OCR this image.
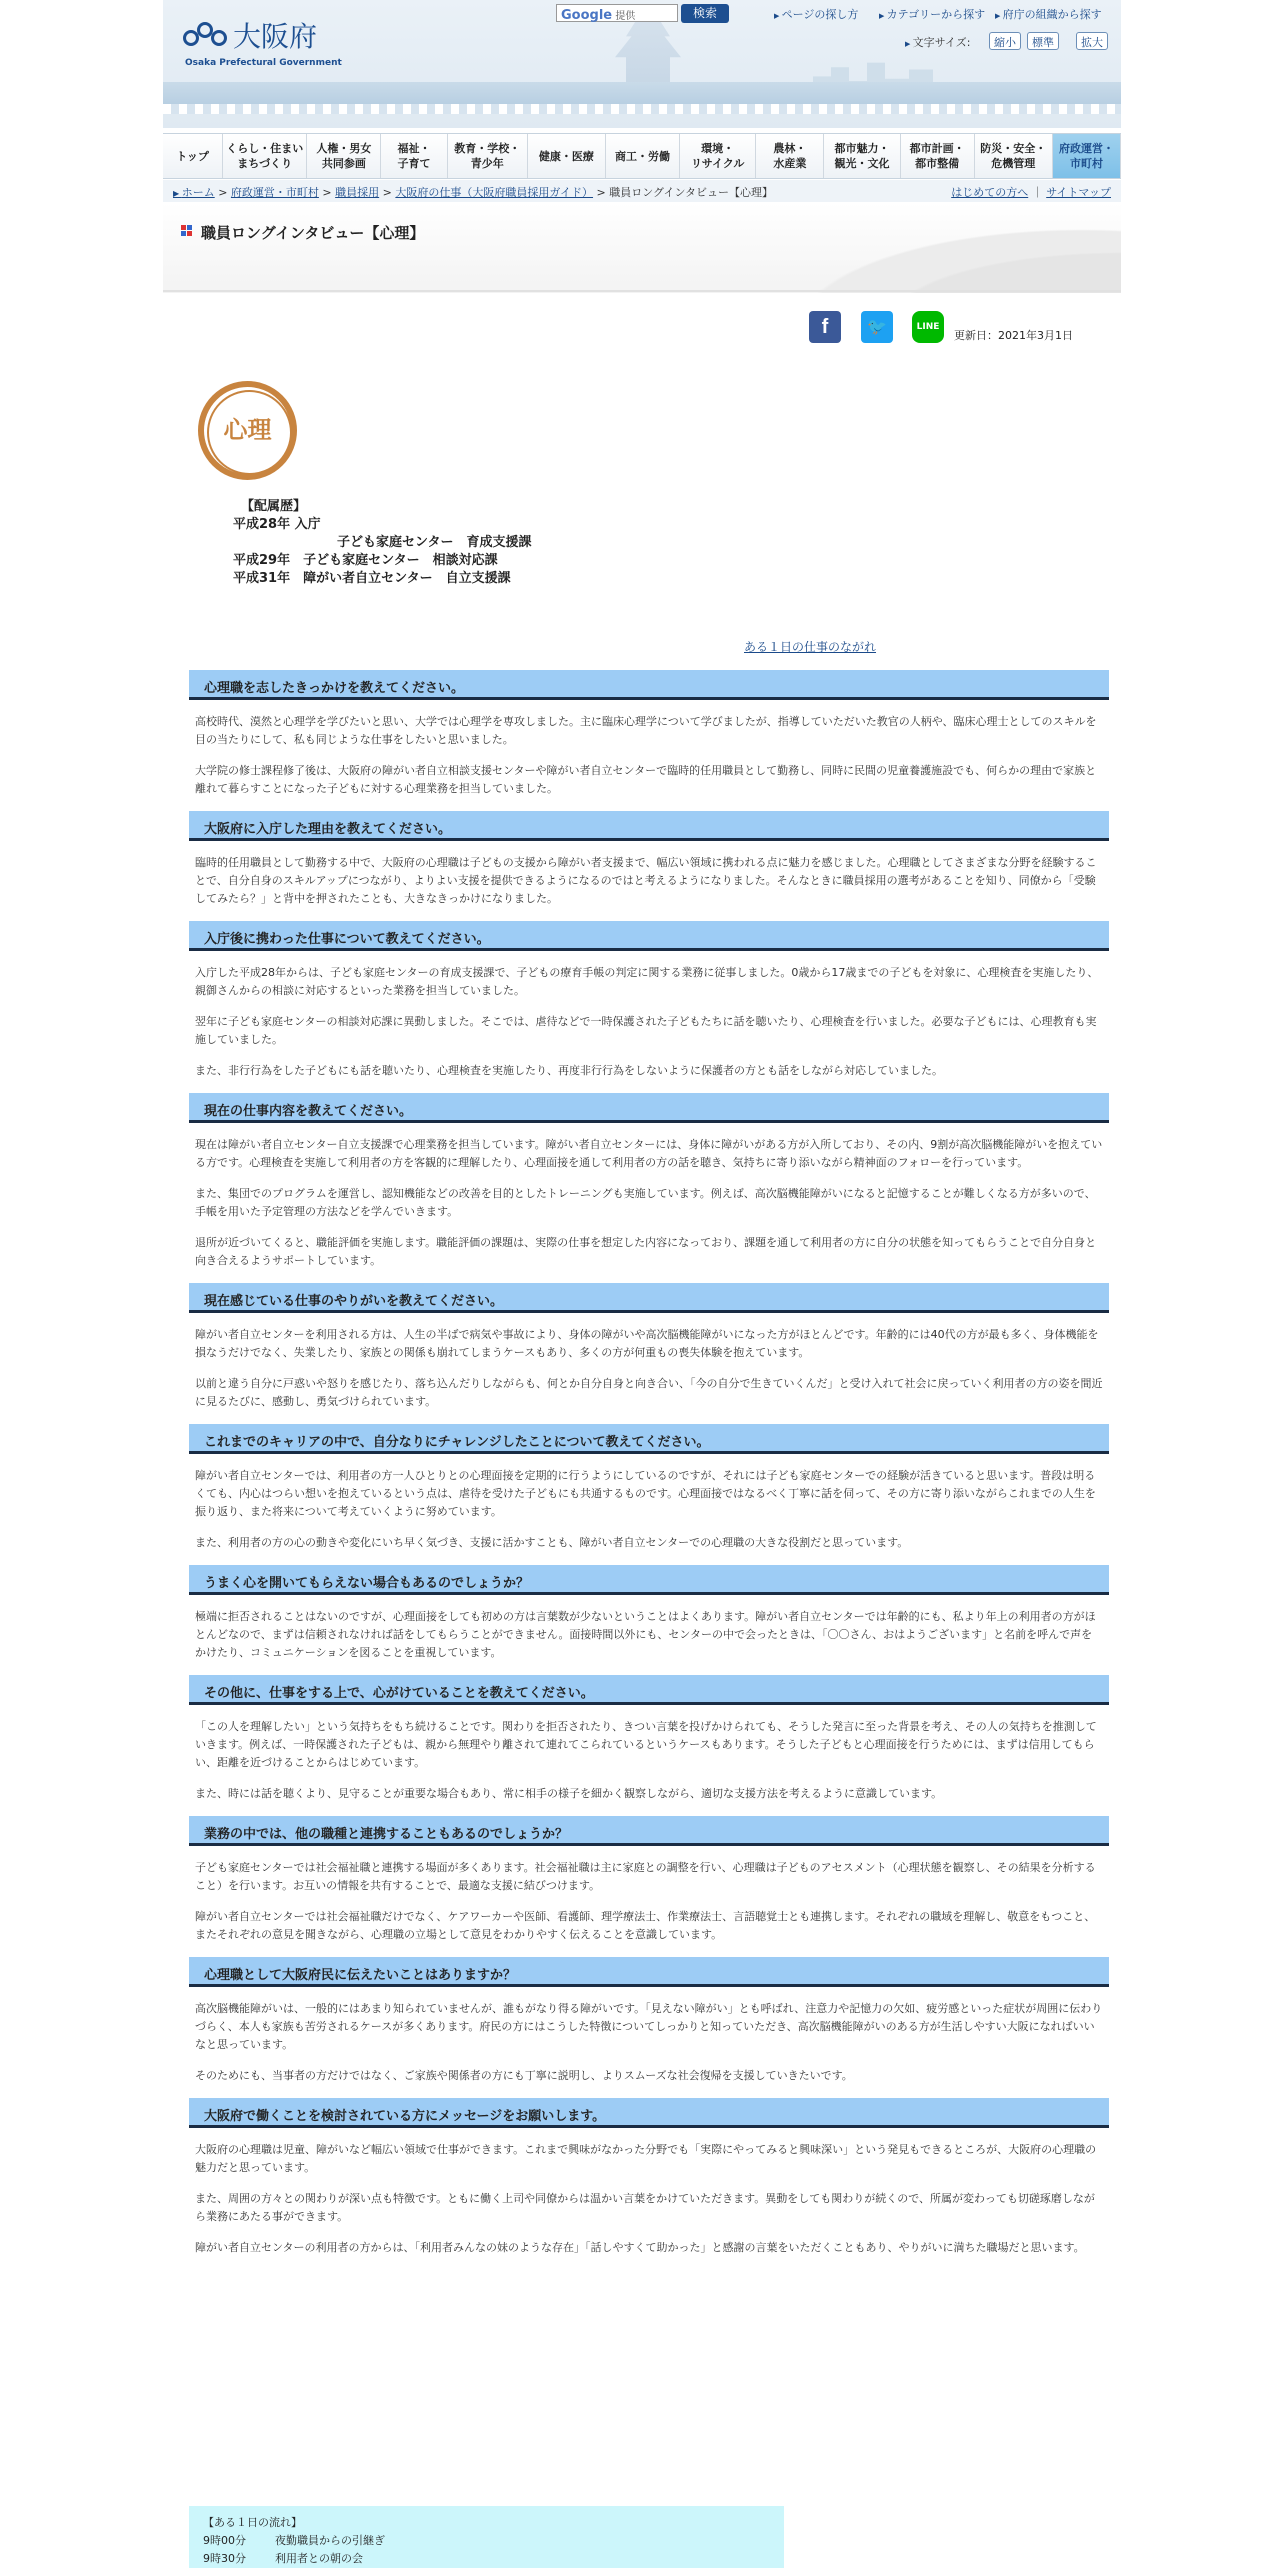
大阪府
Osaka Prefectural Government
Google 提供	検索	▶ ページの探し方	▶ カテゴリーから探す	▶ 府庁の組織から探す
▶ 文字サイズ:	縮小	標準	拡大
トップ
くらし・住まい
まちづくり
人権・男女
共同参画
福祉・
子育て
教育・学校・
青少年
健康・医療 商工・労働
環境・
リサイクル
農林・
水産業
都市魅力・
観光・文化
都市計画・
都市整備
防災・安全・
危機管理
府政運営・
市町村
▶ ホーム > 府政運営・市町村 > 職員採用 > 大阪府の仕事（大阪府職員採用ガイド） > 職員ロングインタビュー【心理】	はじめての方へ ｜ サイトマップ
職員ロングインタビュー【心理】
f	🐦	LINE
更新日：2021年3月1日
心理
【配属歴】
平成28年 入庁
子ども家庭センター　育成支援課
平成29年　子ども家庭センター　相談対応課
平成31年　障がい者自立センター　自立支援課
ある１日の仕事のながれ
心理職を志したきっかけを教えてください。

高校時代、漠然と心理学を学びたいと思い、大学では心理学を専攻しました。主に臨床心理学について学びましたが、指導していただいた教官の人柄や、臨床心理士としてのスキルを目の当たりにして、私も同じような仕事をしたいと思いました。

大学院の修士課程修了後は、大阪府の障がい者自立相談支援センターや障がい者自立センターで臨時的任用職員として勤務し、同時に民間の児童養護施設でも、何らかの理由で家族と離れて暮らすことになった子どもに対する心理業務を担当していました。

大阪府に入庁した理由を教えてください。

臨時的任用職員として勤務する中で、大阪府の心理職は子どもの支援から障がい者支援まで、幅広い領域に携われる点に魅力を感じました。心理職としてさまざまな分野を経験することで、自分自身のスキルアップにつながり、よりよい支援を提供できるようになるのではと考えるようになりました。そんなときに職員採用の選考があることを知り、同僚から「受験してみたら？」と背中を押されたことも、大きなきっかけになりました。

入庁後に携わった仕事について教えてください。

入庁した平成28年からは、子ども家庭センターの育成支援課で、子どもの療育手帳の判定に関する業務に従事しました。0歳から17歳までの子どもを対象に、心理検査を実施したり、親御さんからの相談に対応するといった業務を担当していました。

翌年に子ども家庭センターの相談対応課に異動しました。そこでは、虐待などで一時保護された子どもたちに話を聴いたり、心理検査を行いました。必要な子どもには、心理教育も実施していました。

また、非行行為をした子どもにも話を聴いたり、心理検査を実施したり、再度非行行為をしないように保護者の方とも話をしながら対応していました。

現在の仕事内容を教えてください。

現在は障がい者自立センター自立支援課で心理業務を担当しています。障がい者自立センターには、身体に障がいがある方が入所しており、その内、9割が高次脳機能障がいを抱えている方です。心理検査を実施して利用者の方を客観的に理解したり、心理面接を通して利用者の方の話を聴き、気持ちに寄り添いながら精神面のフォローを行っています。

また、集団でのプログラムを運営し、認知機能などの改善を目的としたトレーニングも実施しています。例えば、高次脳機能障がいになると記憶することが難しくなる方が多いので、手帳を用いた予定管理の方法などを学んでいきます。

退所が近づいてくると、職能評価を実施します。職能評価の課題は、実際の仕事を想定した内容になっており、課題を通して利用者の方に自分の状態を知ってもらうことで自分自身と向き合えるようサポートしています。

現在感じている仕事のやりがいを教えてください。

障がい者自立センターを利用される方は、人生の半ばで病気や事故により、身体の障がいや高次脳機能障がいになった方がほとんどです。年齢的には40代の方が最も多く、身体機能を損なうだけでなく、失業したり、家族との関係も崩れてしまうケースもあり、多くの方が何重もの喪失体験を抱えています。

以前と違う自分に戸惑いや怒りを感じたり、落ち込んだりしながらも、何とか自分自身と向き合い、「今の自分で生きていくんだ」と受け入れて社会に戻っていく利用者の方の姿を間近に見るたびに、感動し、勇気づけられています。

これまでのキャリアの中で、自分なりにチャレンジしたことについて教えてください。

障がい者自立センターでは、利用者の方一人ひとりとの心理面接を定期的に行うようにしているのですが、それには子ども家庭センターでの経験が活きていると思います。普段は明るくても、内心はつらい想いを抱えているという点は、虐待を受けた子どもにも共通するものです。心理面接ではなるべく丁寧に話を伺って、その方に寄り添いながらこれまでの人生を振り返り、また将来について考えていくように努めています。

また、利用者の方の心の動きや変化にいち早く気づき、支援に活かすことも、障がい者自立センターでの心理職の大きな役割だと思っています。

うまく心を開いてもらえない場合もあるのでしょうか？

極端に拒否されることはないのですが、心理面接をしても初めの方は言葉数が少ないということはよくあります。障がい者自立センターでは年齢的にも、私より年上の利用者の方がほとんどなので、まずは信頼されなければ話をしてもらうことができません。面接時間以外にも、センターの中で会ったときは、「〇〇さん、おはようございます」と名前を呼んで声をかけたり、コミュニケーションを図ることを重視しています。

その他に、仕事をする上で、心がけていることを教えてください。

「この人を理解したい」という気持ちをもち続けることです。関わりを拒否されたり、きつい言葉を投げかけられても、そうした発言に至った背景を考え、その人の気持ちを推測していきます。例えば、一時保護された子どもは、親から無理やり離されて連れてこられているというケースもあります。そうした子どもと心理面接を行うためには、まずは信用してもらい、距離を近づけることからはじめています。

また、時には話を聴くより、見守ることが重要な場合もあり、常に相手の様子を細かく観察しながら、適切な支援方法を考えるように意識しています。

業務の中では、他の職種と連携することもあるのでしょうか？

子ども家庭センターでは社会福祉職と連携する場面が多くあります。社会福祉職は主に家庭との調整を行い、心理職は子どものアセスメント（心理状態を観察し、その結果を分析すること）を行います。お互いの情報を共有することで、最適な支援に結びつけます。

障がい者自立センターでは社会福祉職だけでなく、ケアワーカーや医師、看護師、理学療法士、作業療法士、言語聴覚士とも連携します。それぞれの職域を理解し、敬意をもつこと、またそれぞれの意見を聞きながら、心理職の立場として意見をわかりやすく伝えることを意識しています。

心理職として大阪府民に伝えたいことはありますか？

高次脳機能障がいは、一般的にはあまり知られていませんが、誰もがなり得る障がいです。「見えない障がい」とも呼ばれ、注意力や記憶力の欠如、疲労感といった症状が周囲に伝わりづらく、本人も家族も苦労されるケースが多くあります。府民の方にはこうした特徴についてしっかりと知っていただき、高次脳機能障がいのある方が生活しやすい大阪になればいいなと思っています。

そのためにも、当事者の方だけではなく、ご家族や関係者の方にも丁寧に説明し、よりスムーズな社会復帰を支援していきたいです。

大阪府で働くことを検討されている方にメッセージをお願いします。

大阪府の心理職は児童、障がいなど幅広い領域で仕事ができます。これまで興味がなかった分野でも「実際にやってみると興味深い」という発見もできるところが、大阪府の心理職の魅力だと思っています。

また、周囲の方々との関わりが深い点も特徴です。ともに働く上司や同僚からは温かい言葉をかけていただきます。異動をしても関わりが続くので、所属が変わっても切磋琢磨しながら業務にあたる事ができます。

障がい者自立センターの利用者の方からは、「利用者みんなの妹のような存在」「話しやすくて助かった」と感謝の言葉をいただくこともあり、やりがいに満ちた職場だと思います。

【ある１日の流れ】
9時00分	夜勤職員からの引継ぎ
9時30分	利用者との朝の会
